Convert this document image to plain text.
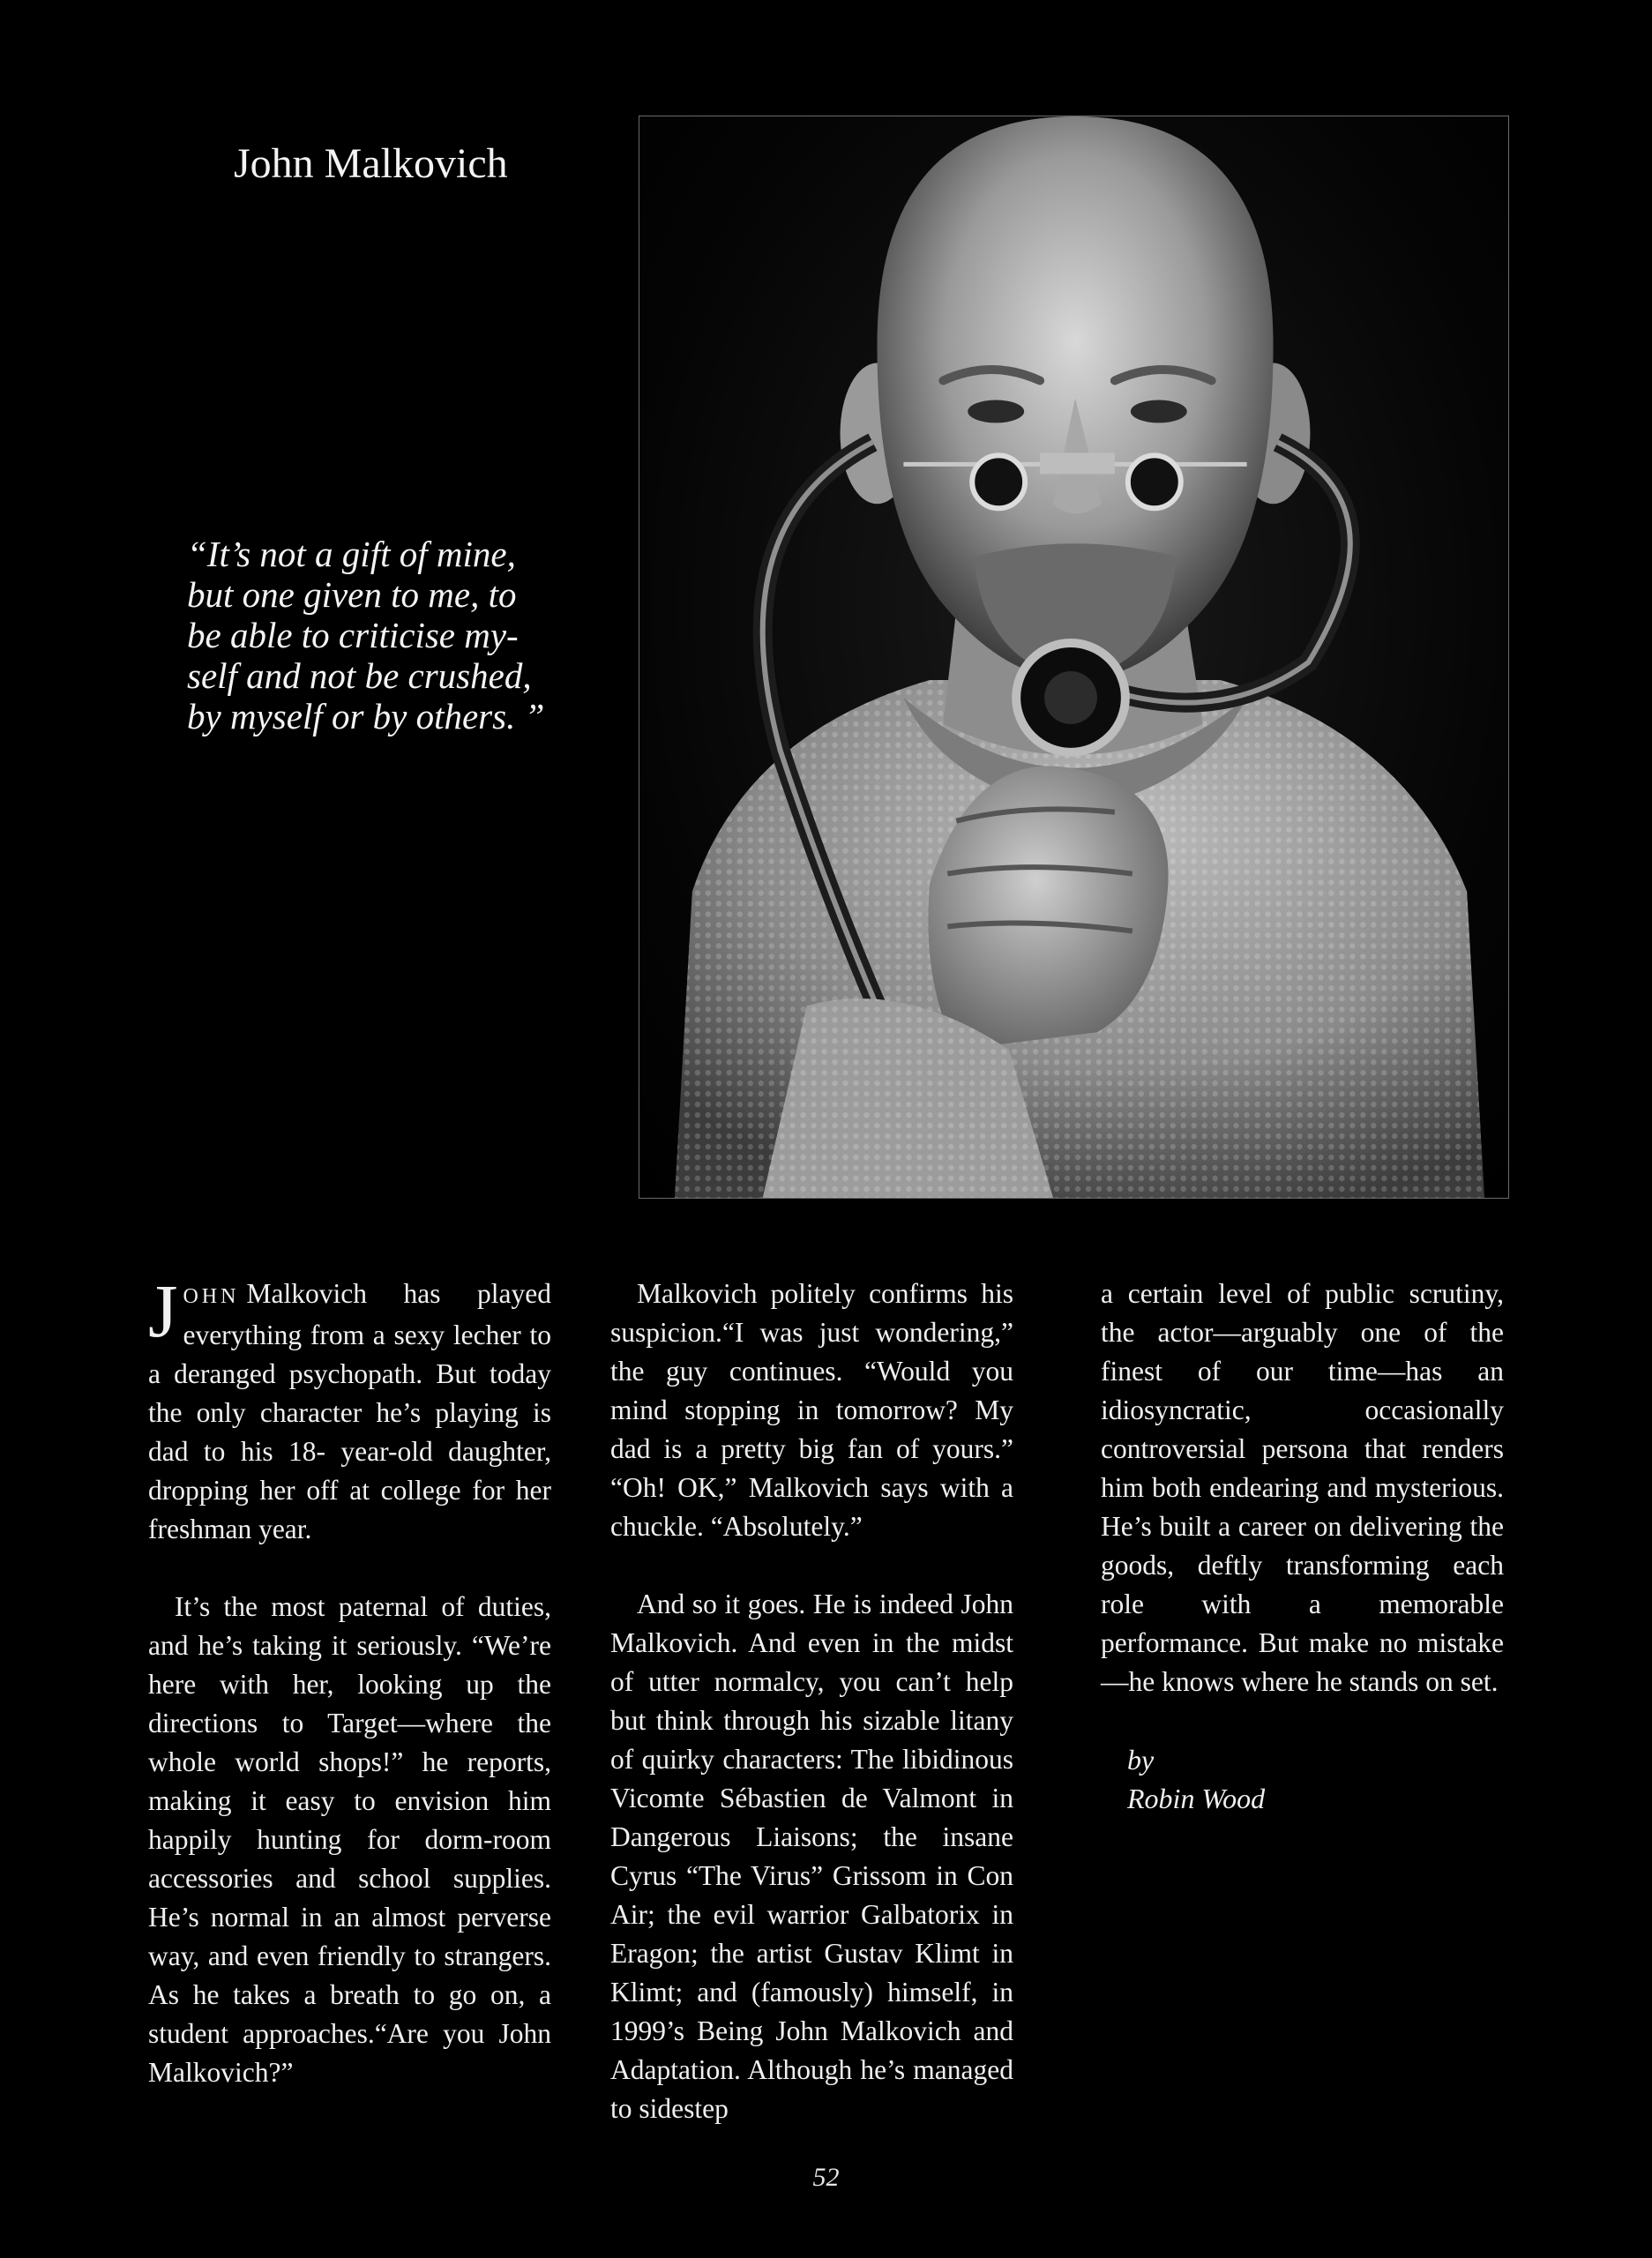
John Malkovich

“It’s not a gift of mine,

but one given to me, to

be able to criticise my-

self and not be crushed,

by myself or by others. ”

JOHN Malkovich has played everything from a sexy lecher to a deranged psychopath. But today the only character he’s playing is dad to his 18- year-old daughter, dropping her off at college for her freshman year.

It’s the most paternal of duties, and he’s taking it seriously. “We’re here with her, looking up the directions to Target—where the whole world shops!” he reports, making it easy to envision him happily hunting for dorm-room accessories and school supplies. He’s normal in an almost perverse way, and even friendly to strangers. As he takes a breath to go on, a student approaches.“Are you John Malkovich?”

Malkovich politely confirms his suspicion.“I was just wondering,” the guy continues. “Would you mind stopping in tomorrow? My dad is a pretty big fan of yours.” “Oh! OK,” Malkovich says with a chuckle. “Absolutely.”

And so it goes. He is indeed John Malkovich. And even in the midst of utter normalcy, you can’t help but think through his sizable litany of quirky characters: The libidinous Vicomte Sébastien de Valmont in Dangerous Liaisons; the insane Cyrus “The Virus” Grissom in Con Air; the evil warrior Galbatorix in Eragon; the artist Gustav Klimt in Klimt; and (famously) himself, in 1999’s Being John Malkovich and Adaptation. Although he’s managed to sidestep

a certain level of public scrutiny, the actor—arguably one of the finest of our time—has an idiosyncratic, occasionally controversial persona that renders him both endearing and mysterious. He’s built a career on delivering the goods, deftly transforming each role with a memorable performance. But make no mistake—he knows where he stands on set.

by
Robin Wood
52
